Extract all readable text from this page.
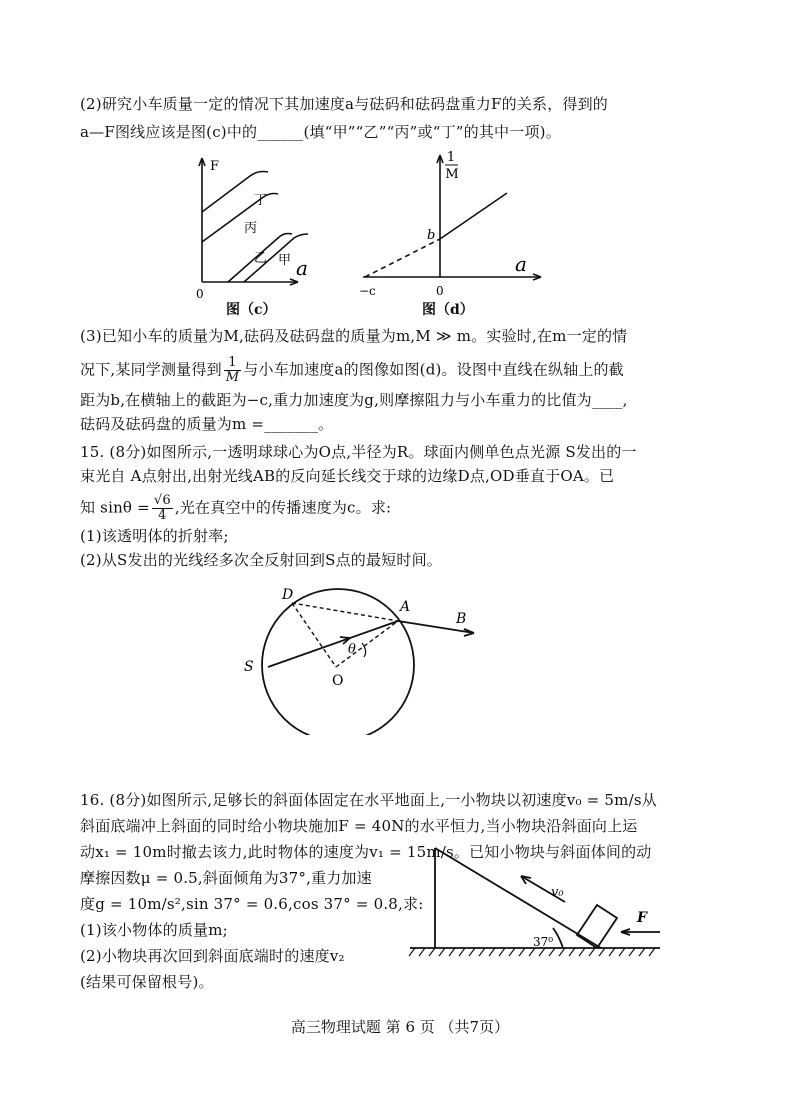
(2)研究小车质量一定的情况下其加速度a与砝码和砝码盘重力F的关系，得到的
a—F图线应该是图(c)中的______(填“甲”“乙”“丙”或“丁”的其中一项)。
F
a
0
丁
丙
乙 甲
图（c）
1
M
a
b
−c	0
图（d）
(3)已知小车的质量为M,砝码及砝码盘的质量为m,M ≫ m。实验时,在m一定的情
况下,某同学测量得到 $\frac{1}{M}$ 与小车加速度a的图像如图(d)。设图中直线在纵轴上的截
距为b,在横轴上的截距为−c,重力加速度为g,则摩擦阻力与小车重力的比值为____,
砝码及砝码盘的质量为m =_______。
15. (8分)如图所示,一透明球球心为O点,半径为R。球面内侧单色点光源 S发出的一
束光自 A点射出,出射光线AB的反向延长线交于球的边缘D点,OD垂直于OA。已
知 $\sin\theta = \frac{√6}{4}$ ,光在真空中的传播速度为c。求:
(1)该透明体的折射率;
(2)从S发出的光线经多次全反射回到S点的最短时间。
D
A
B
S
O
θ
16. (8分)如图所示,足够长的斜面体固定在水平地面上,一小物块以初速度v₀ = 5m/s从
斜面底端冲上斜面的同时给小物块施加F = 40N的水平恒力,当小物块沿斜面向上运
动x₁ = 10m时撤去该力,此时物体的速度为v₁ = 15m/s。已知小物块与斜面体间的动
摩擦因数μ = 0.5,斜面倾角为37°,重力加速
度g = 10m/s²,sin 37° = 0.6,cos 37° = 0.8,求:
(1)该小物体的质量m;
(2)小物块再次回到斜面底端时的速度v₂
(结果可保留根号)。
v₀
F
37⁰
高三物理试题 第 6 页 （共7页）
